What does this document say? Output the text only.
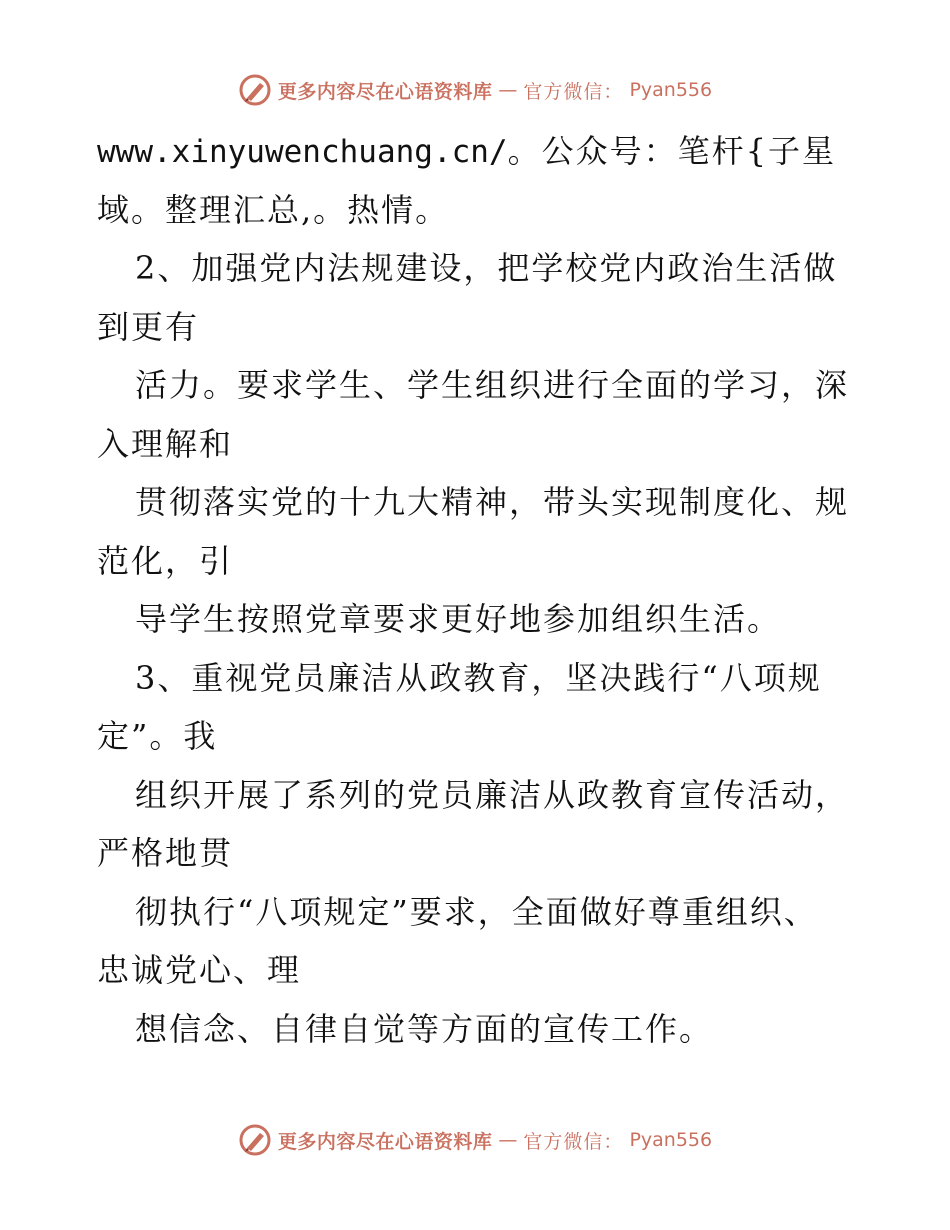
更多内容尽在心语资料库 — 官方微信： Pyan556
www.xinyuwenchuang.cn/。公众号：笔杆{子星
域。整理汇总,。热情。
2、加强党内法规建设，把学校党内政治生活做
到更有
活力。要求学生、学生组织进行全面的学习，深
入理解和
贯彻落实党的十九大精神，带头实现制度化、规
范化，引
导学生按照党章要求更好地参加组织生活。
3、重视党员廉洁从政教育，坚决践行“八项规
定”。我
组织开展了系列的党员廉洁从政教育宣传活动，
严格地贯
彻执行“八项规定”要求，全面做好尊重组织、
忠诚党心、理
想信念、自律自觉等方面的宣传工作。
更多内容尽在心语资料库 — 官方微信： Pyan556
